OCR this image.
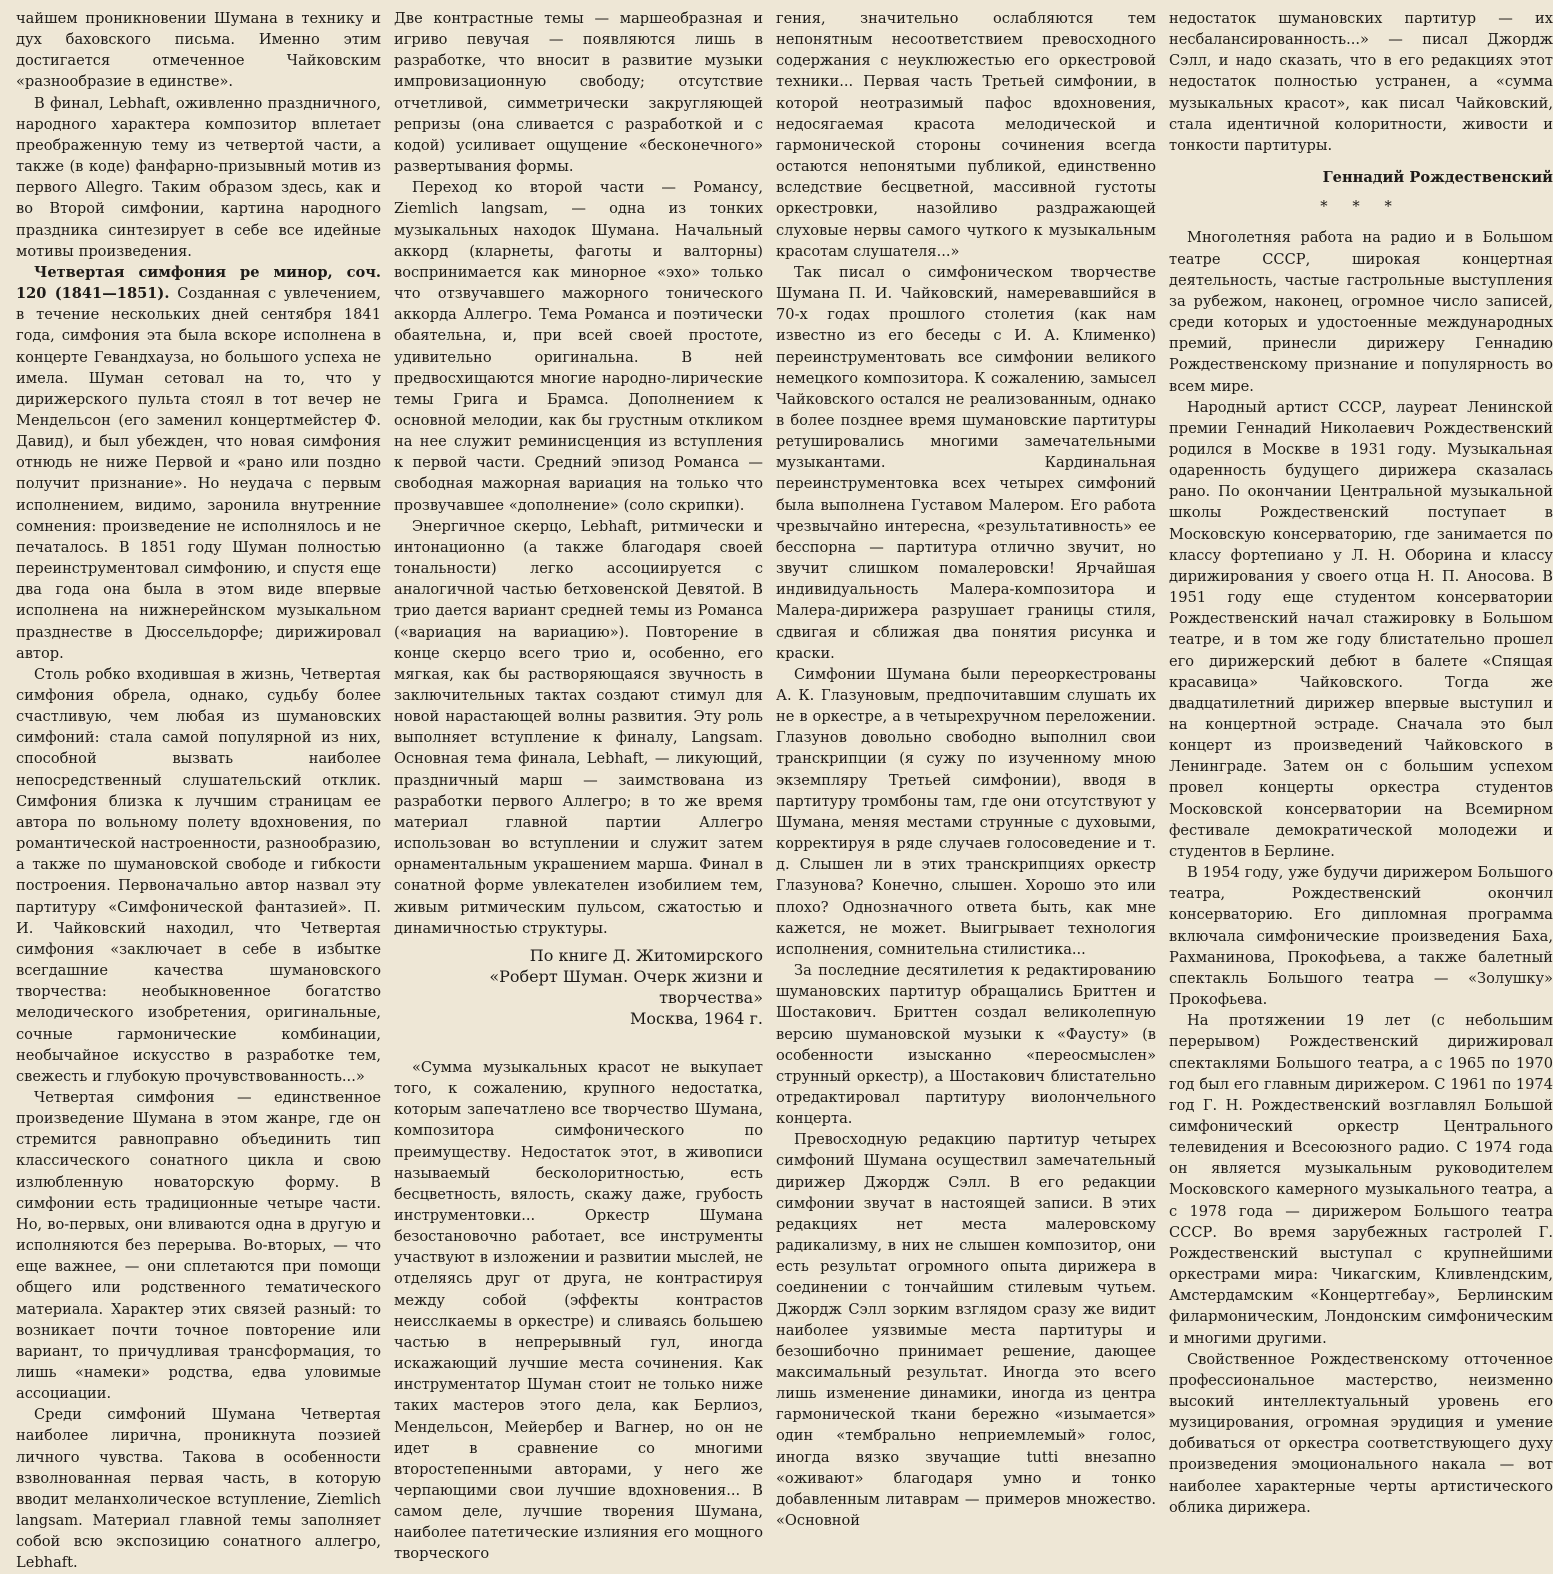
чайшем проникновении Шумана в технику и дух баховского письма. Именно этим достигается отмеченное Чайковским «разнообразие в единстве».

В финал, Lebhaft, оживленно праздничного, народного характера композитор вплетает преображенную тему из четвертой части, а также (в коде) фанфарно-призывный мотив из первого Allegro. Таким образом здесь, как и во Второй симфонии, картина народного праздника синтезирует в себе все идейные мотивы произведения.

Четвертая симфония ре минор, соч. 120 (1841—1851). Созданная с увлечением, в течение нескольких дней сентября 1841 года, симфония эта была вскоре исполнена в концерте Гевандхауза, но большого успеха не имела. Шуман сетовал на то, что у дирижерского пульта стоял в тот вечер не Мендельсон (его заменил концертмейстер Ф. Давид), и был убежден, что новая симфония отнюдь не ниже Первой и «рано или поздно получит признание». Но неудача с первым исполнением, видимо, заронила внутренние сомнения: произведение не исполнялось и не печаталось. В 1851 году Шуман полностью переинструментовал симфонию, и спустя еще два года она была в этом виде впервые исполнена на нижнерейнском музыкальном празднестве в Дюссельдорфе; дирижировал автор.

Столь робко входившая в жизнь, Четвертая симфония обрела, однако, судьбу более счастливую, чем любая из шумановских симфоний: стала самой популярной из них, способной вызвать наиболее непосредственный слушательский отклик. Симфония близка к лучшим страницам ее автора по вольному полету вдохновения, по романтической настроенности, разнообразию, а также по шумановской свободе и гибкости построения. Первоначально автор назвал эту партитуру «Симфонической фантазией». П. И. Чайковский находил, что Четвертая симфония «заключает в себе в избытке всегдашние качества шумановского творчества: необыкновенное богатство мелодического изобретения, оригинальные, сочные гармонические комбинации, необычайное искусство в разработке тем, свежесть и глубокую прочувствованность...»

Четвертая симфония — единственное произведение Шумана в этом жанре, где он стремится равноправно объединить тип классического сонатного цикла и свою излюбленную новаторскую форму. В симфонии есть традиционные четыре части. Но, во-первых, они вливаются одна в другую и исполняются без перерыва. Во-вторых, — что еще важнее, — они сплетаются при помощи общего или родственного тематического материала. Характер этих связей разный: то возникает почти точное повторение или вариант, то причудливая трансформация, то лишь «намеки» родства, едва уловимые ассоциации.

Среди симфоний Шумана Четвертая наиболее лирична, проникнута поэзией личного чувства. Такова в особенности взволнованная первая часть, в которую вводит меланхолическое вступление, Ziemlich langsam. Материал главной темы заполняет собой всю экспозицию сонатного аллегро, Lebhaft.

Две контрастные темы — маршеобразная и игриво певучая — появляются лишь в разработке, что вносит в развитие музыки импровизационную свободу; отсутствие отчетливой, симметрически закругляющей репризы (она сливается с разработкой и с кодой) усиливает ощущение «бесконечного» развертывания формы.

Переход ко второй части — Романсу, Ziemlich langsam, — одна из тонких музыкальных находок Шумана. Начальный аккорд (кларнеты, фаготы и валторны) воспринимается как минорное «эхо» только что отзвучавшего мажорного тонического аккорда Аллегро. Тема Романса и поэтически обаятельна, и, при всей своей простоте, удивительно оригинальна. В ней предвосхищаются многие народно-лирические темы Грига и Брамса. Дополнением к основной мелодии, как бы грустным откликом на нее служит реминисценция из вступления к первой части. Средний эпизод Романса — свободная мажорная вариация на только что прозвучавшее «дополнение» (соло скрипки).

Энергичное скерцо, Lebhaft, ритмически и интонационно (а также благодаря своей тональности) легко ассоциируется с аналогичной частью бетховенской Девятой. В трио дается вариант средней темы из Романса («вариация на вариацию»). Повторение в конце скерцо всего трио и, особенно, его мягкая, как бы растворяющаяся звучность в заключительных тактах создают стимул для новой нарастающей волны развития. Эту роль выполняет вступление к финалу, Langsam. Основная тема финала, Lebhaft, — ликующий, праздничный марш — заимствована из разработки первого Аллегро; в то же время материал главной партии Аллегро использован во вступлении и служит затем орнаментальным украшением марша. Финал в сонатной форме увлекателен изобилием тем, живым ритмическим пульсом, сжатостью и динамичностью структуры.

По книге Д. Житомирского
«Роберт Шуман. Очерк жизни и творчества»
Москва, 1964 г.

«Сумма музыкальных красот не выкупает того, к сожалению, крупного недостатка, которым запечатлено все творчество Шумана, композитора симфонического по преимуществу. Недостаток этот, в живописи называемый бесколоритностью, есть бесцветность, вялость, скажу даже, грубость инструментовки... Оркестр Шумана безостановочно работает, все инструменты участвуют в изложении и развитии мыслей, не отделяясь друг от друга, не контрастируя между собой (эффекты контрастов неисслкаемы в оркестре) и сливаясь большею частью в непрерывный гул, иногда искажающий лучшие места сочинения. Как инструментатор Шуман стоит не только ниже таких мастеров этого дела, как Берлиоз, Мендельсон, Мейербер и Вагнер, но он не идет в сравнение со многими второстепенными авторами, у него же черпающими свои лучшие вдохновения... В самом деле, лучшие творения Шумана, наиболее патетические излияния его мощного творческого

гения, значительно ослабляются тем непонятным несоответствием превосходного содержания с неуклюжестью его оркестровой техники... Первая часть Третьей симфонии, в которой неотразимый пафос вдохновения, недосягаемая красота мелодической и гармонической стороны сочинения всегда остаются непонятыми публикой, единственно вследствие бесцветной, массивной густоты оркестровки, назойливо раздражающей слуховые нервы самого чуткого к музыкальным красотам слушателя...»

Так писал о симфоническом творчестве Шумана П. И. Чайковский, намеревавшийся в 70-х годах прошлого столетия (как нам известно из его беседы с И. А. Клименко) переинструментовать все симфонии великого немецкого композитора. К сожалению, замысел Чайковского остался не реализованным, однако в более позднее время шумановские партитуры ретушировались многими замечательными музыкантами. Кардинальная переинструментовка всех четырех симфоний была выполнена Густавом Малером. Его работа чрезвычайно интересна, «результативность» ее бесспорна — партитура отлично звучит, но звучит слишком помалеровски! Ярчайшая индивидуальность Малера-композитора и Малера-дирижера разрушает границы стиля, сдвигая и сближая два понятия рисунка и краски.

Симфонии Шумана были переоркестрованы А. К. Глазуновым, предпочитавшим слушать их не в оркестре, а в четырехручном переложении. Глазунов довольно свободно выполнил свои транскрипции (я сужу по изученному мною экземпляру Третьей симфонии), вводя в партитуру тромбоны там, где они отсутствуют у Шумана, меняя местами струнные с духовыми, корректируя в ряде случаев голосоведение и т. д. Слышен ли в этих транскрипциях оркестр Глазунова? Конечно, слышен. Хорошо это или плохо? Однозначного ответа быть, как мне кажется, не может. Выигрывает технология исполнения, сомнительна стилистика...

За последние десятилетия к редактированию шумановских партитур обращались Бриттен и Шостакович. Бриттен создал великолепную версию шумановской музыки к «Фаусту» (в особенности изысканно «переосмыслен» струнный оркестр), а Шостакович блистательно отредактировал партитуру виолончельного концерта.

Превосходную редакцию партитур четырех симфоний Шумана осуществил замечательный дирижер Джордж Сэлл. В его редакции симфонии звучат в настоящей записи. В этих редакциях нет места малеровскому радикализму, в них не слышен композитор, они есть результат огромного опыта дирижера в соединении с тончайшим стилевым чутьем. Джордж Сэлл зорким взглядом сразу же видит наиболее уязвимые места партитуры и безошибочно принимает решение, дающее максимальный результат. Иногда это всего лишь изменение динамики, иногда из центра гармонической ткани бережно «изымается» один «тембрально неприемлемый» голос, иногда вязко звучащие tutti внезапно «оживают» благодаря умно и тонко добавленным литаврам — примеров множество. «Основной

недостаток шумановских партитур — их несбалансированность...» — писал Джордж Сэлл, и надо сказать, что в его редакциях этот недостаток полностью устранен, а «сумма музыкальных красот», как писал Чайковский, стала идентичной колоритности, живости и тонкости партитуры.

Геннадий Рождественский

* * *

Многолетняя работа на радио и в Большом театре СССР, широкая концертная деятельность, частые гастрольные выступления за рубежом, наконец, огромное число записей, среди которых и удостоенные международных премий, принесли дирижеру Геннадию Рождественскому признание и популярность во всем мире.

Народный артист СССР, лауреат Ленинской премии Геннадий Николаевич Рождественский родился в Москве в 1931 году. Музыкальная одаренность будущего дирижера сказалась рано. По окончании Центральной музыкальной школы Рождественский поступает в Московскую консерваторию, где занимается по классу фортепиано у Л. Н. Оборина и классу дирижирования у своего отца Н. П. Аносова. В 1951 году еще студентом консерватории Рождественский начал стажировку в Большом театре, и в том же году блистательно прошел его дирижерский дебют в балете «Спящая красавица» Чайковского. Тогда же двадцатилетний дирижер впервые выступил и на концертной эстраде. Сначала это был концерт из произведений Чайковского в Ленинграде. Затем он с большим успехом провел концерты оркестра студентов Московской консерватории на Всемирном фестивале демократической молодежи и студентов в Берлине.

В 1954 году, уже будучи дирижером Большого театра, Рождественский окончил консерваторию. Его дипломная программа включала симфонические произведения Баха, Рахманинова, Прокофьева, а также балетный спектакль Большого театра — «Золушку» Прокофьева.

На протяжении 19 лет (с небольшим перерывом) Рождественский дирижировал спектаклями Большого театра, а с 1965 по 1970 год был его главным дирижером. С 1961 по 1974 год Г. Н. Рождественский возглавлял Большой симфонический оркестр Центрального телевидения и Всесоюзного радио. С 1974 года он является музыкальным руководителем Московского камерного музыкального театра, а с 1978 года — дирижером Большого театра СССР. Во время зарубежных гастролей Г. Рождественский выступал с крупнейшими оркестрами мира: Чикагским, Кливлендским, Амстердамским «Концертгебау», Берлинским филармоническим, Лондонским симфоническим и многими другими.

Свойственное Рождественскому отточенное профессиональное мастерство, неизменно высокий интеллектуальный уровень его музицирования, огромная эрудиция и умение добиваться от оркестра соответствующего духу произведения эмоционального накала — вот наиболее характерные черты артистического облика дирижера.
